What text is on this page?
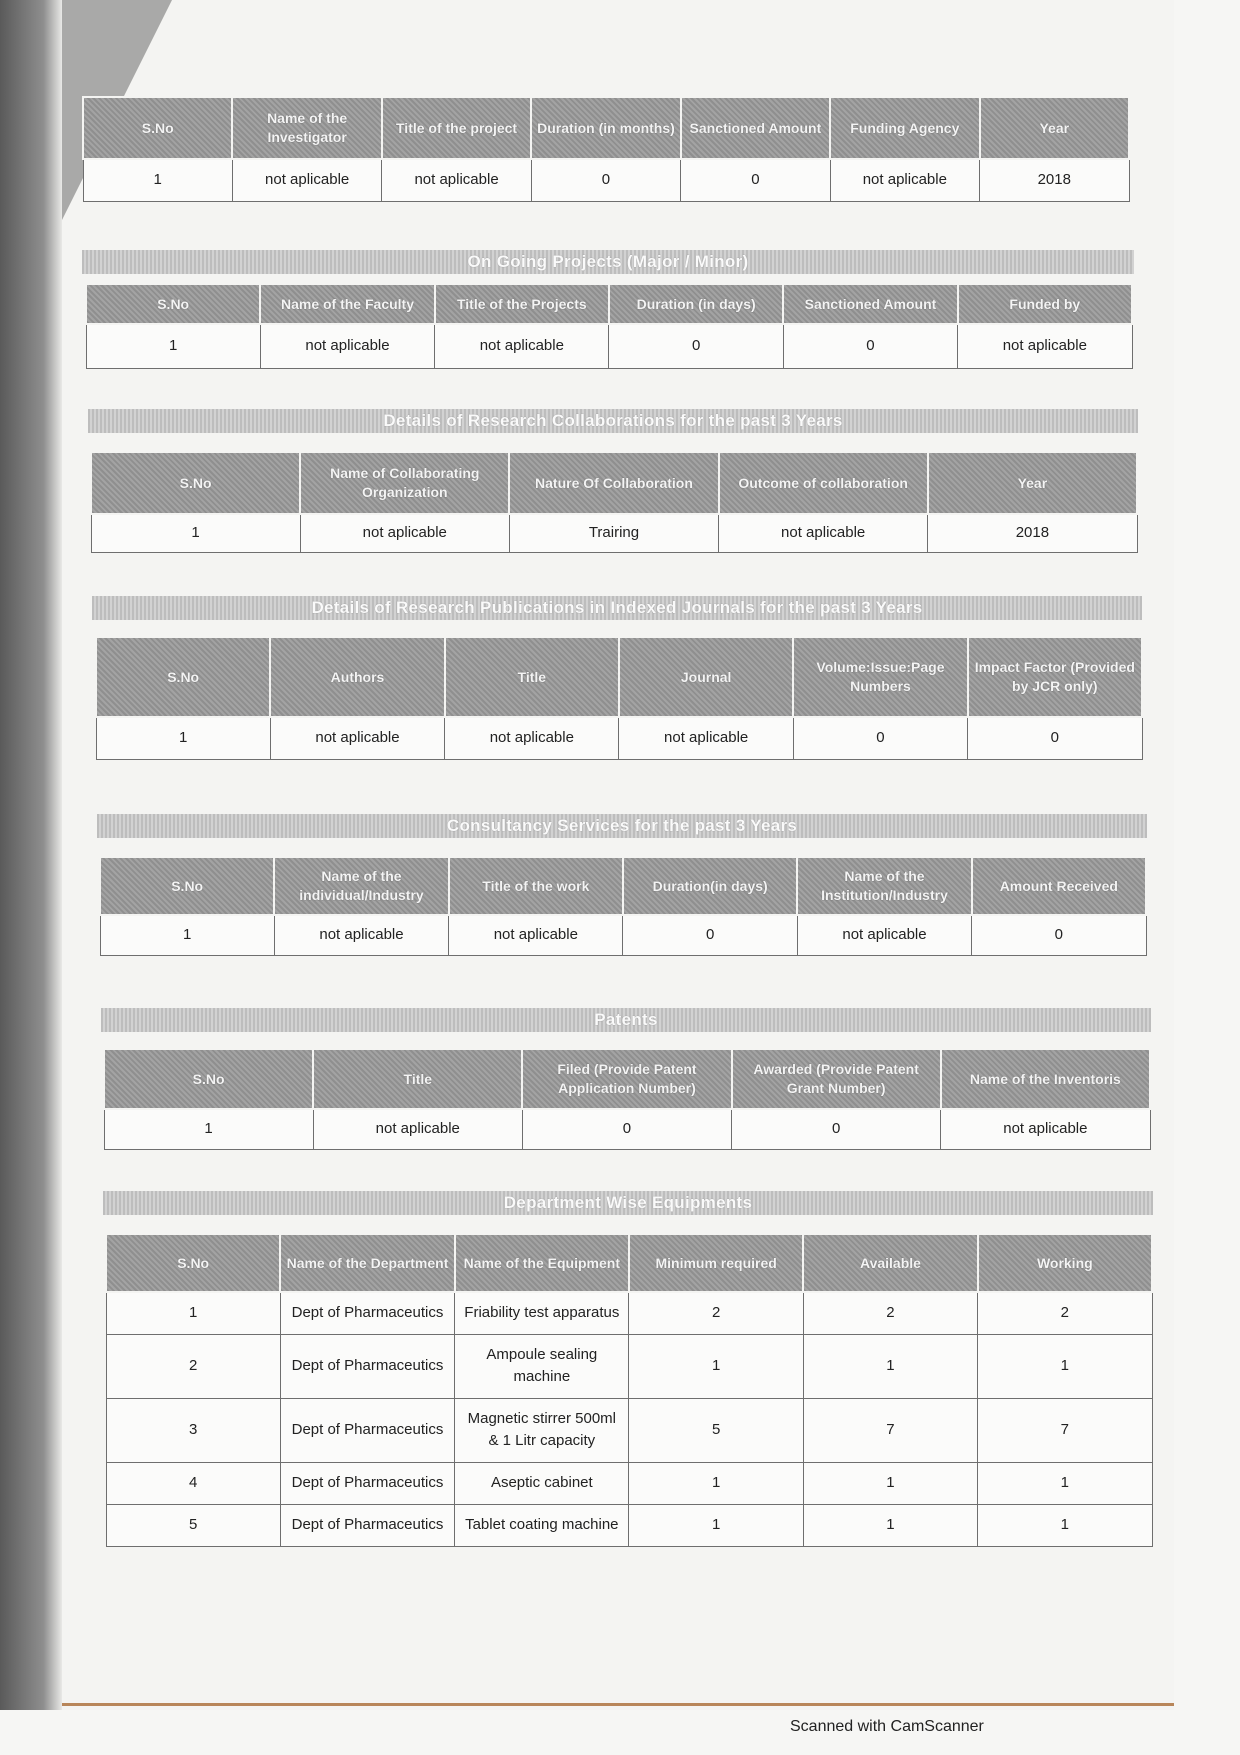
S.No	Name of the Investigator	Title of the project	Duration (in months)	Sanctioned Amount	Funding Agency	Year
1	not aplicable	not aplicable	0	0	not aplicable	2018
On Going Projects (Major / Minor)
S.No	Name of the Faculty	Title of the Projects	Duration (in days)	Sanctioned Amount	Funded by
1	not aplicable	not aplicable	0	0	not aplicable
Details of Research Collaborations for the past 3 Years
S.No	Name of Collaborating Organization	Nature Of Collaboration	Outcome of collaboration	Year
1	not aplicable	Trairing	not aplicable	2018
Details of Research Publications in Indexed Journals for the past 3 Years
S.No	Authors	Title	Journal	Volume:Issue:Page Numbers	Impact Factor (Provided by JCR only)
1	not aplicable	not aplicable	not aplicable	0	0
Consultancy Services for the past 3 Years
S.No	Name of the individual/Industry	Title of the work	Duration(in days)	Name of the Institution/Industry	Amount Received
1	not aplicable	not aplicable	0	not aplicable	0
Patents
S.No	Title	Filed (Provide Patent Application Number)	Awarded (Provide Patent Grant Number)	Name of the Inventoris
1	not aplicable	0	0	not aplicable
Department Wise Equipments
S.No	Name of the Department	Name of the Equipment	Minimum required	Available	Working
1	Dept of Pharmaceutics	Friability test apparatus	2	2	2
2	Dept of Pharmaceutics	Ampoule sealing machine	1	1	1
3	Dept of Pharmaceutics	Magnetic stirrer 500ml & 1 Litr capacity	5	7	7
4	Dept of Pharmaceutics	Aseptic cabinet	1	1	1
5	Dept of Pharmaceutics	Tablet coating machine	1	1	1
Scanned with CamScanner
